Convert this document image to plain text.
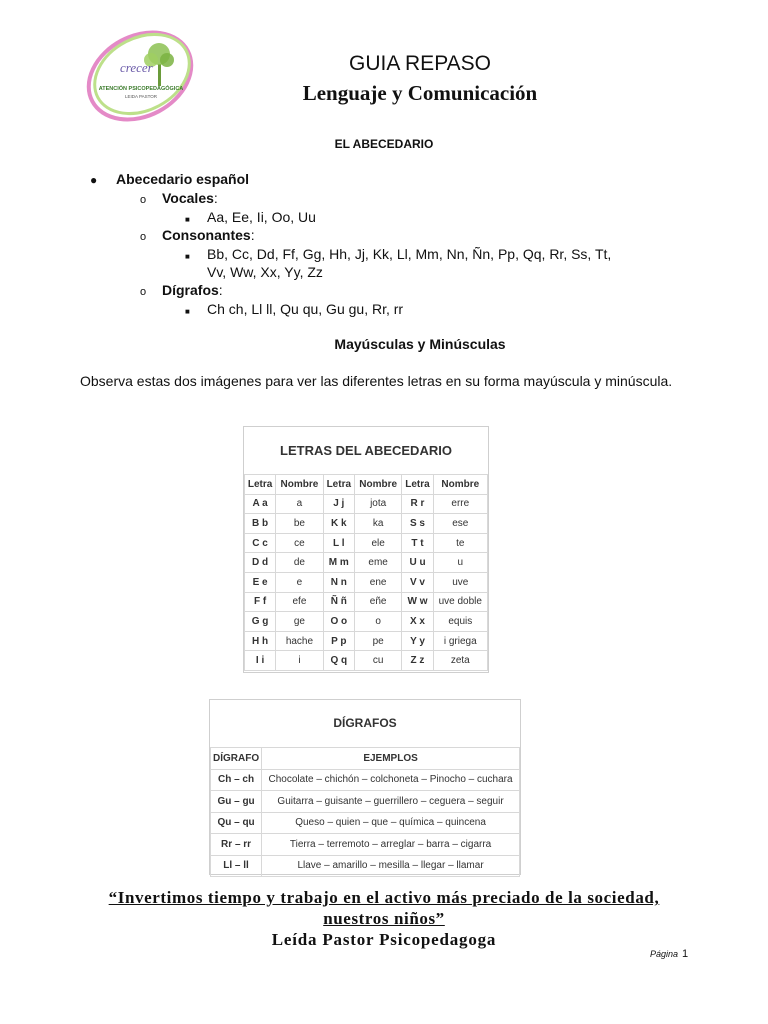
crecer
ATENCIÓN PSICOPEDAGÓGICA
LEIDA PASTOR
GUIA REPASO
Lenguaje y Comunicación
EL ABECEDARIO
● Abecedario español
o Vocales:
■ Aa, Ee, Ii, Oo, Uu
o Consonantes:
■ Bb, Cc, Dd, Ff, Gg, Hh, Jj, Kk, Ll, Mm, Nn, Ñn, Pp, Qq, Rr, Ss, Tt,
Vv, Ww, Xx, Yy, Zz
o Dígrafos:
■ Ch ch, Ll ll, Qu qu, Gu gu, Rr, rr
Mayúsculas y Minúsculas
Observa estas dos imágenes para ver las diferentes letras en su forma mayúscula y minúscula.
LETRAS DEL ABECEDARIO
Letra	Nombre	Letra	Nombre	Letra	Nombre
A a	a	J j	jota	R r	erre
B b	be	K k	ka	S s	ese
C c	ce	L l	ele	T t	te
D d	de	M m	eme	U u	u
E e	e	N n	ene	V v	uve
F f	efe	Ñ ñ	eñe	W w	uve doble
G g	ge	O o	o	X x	equis
H h	hache	P p	pe	Y y	i griega
I i	i	Q q	cu	Z z	zeta
DÍGRAFOS
DÍGRAFO	EJEMPLOS
Ch – ch	Chocolate – chichón – colchoneta – Pinocho – cuchara
Gu – gu	Guitarra – guisante – guerrillero – ceguera – seguir
Qu – qu	Queso – quien – que – química – quincena
Rr – rr	Tierra – terremoto – arreglar – barra – cigarra
Ll – ll	Llave – amarillo – mesilla – llegar – llamar
“Invertimos tiempo y trabajo en el activo más preciado de la sociedad,
nuestros niños”
Leída Pastor Psicopedagoga
Página 1
